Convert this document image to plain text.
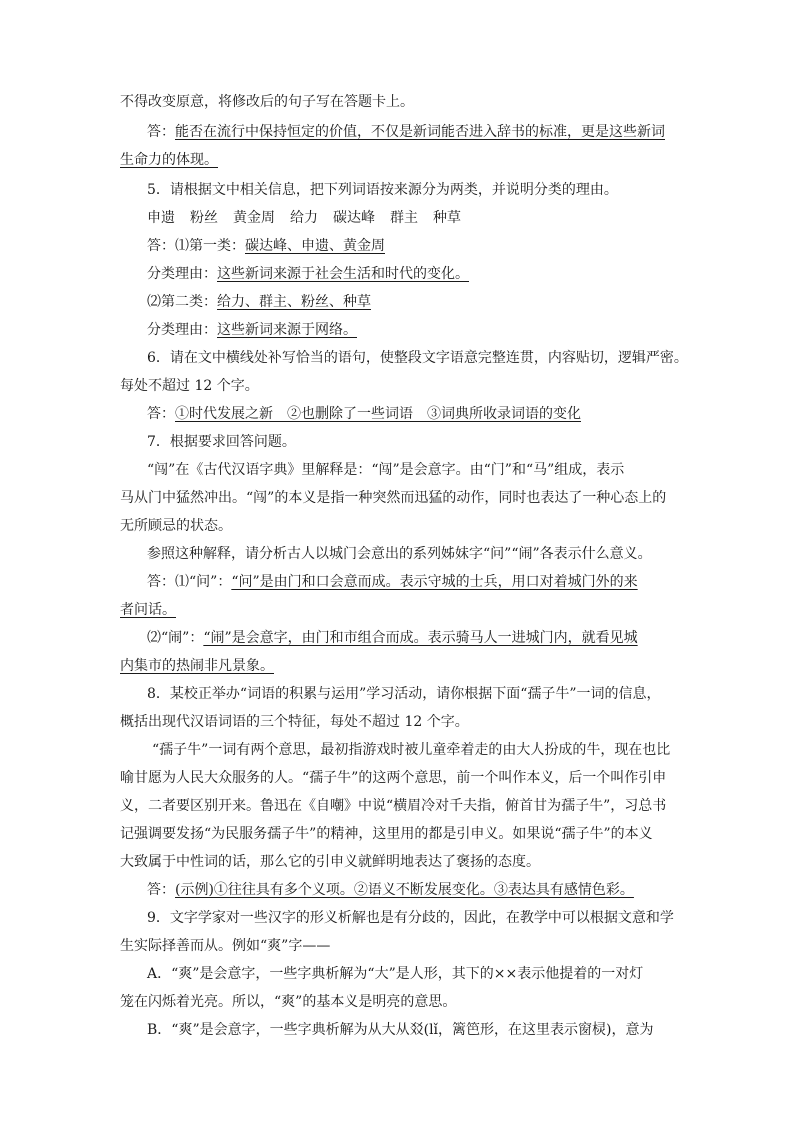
不得改变原意，将修改后的句子写在答题卡上。
答：能否在流行中保持恒定的价值，不仅是新词能否进入辞书的标准，更是这些新词
生命力的体现。
5．请根据文中相关信息，把下列词语按来源分为两类，并说明分类的理由。
申遗 粉丝 黄金周 给力 碳达峰 群主 种草
答：⑴第一类：碳达峰、申遗、黄金周
分类理由：这些新词来源于社会生活和时代的变化。
⑵第二类：给力、群主、粉丝、种草
分类理由：这些新词来源于网络。
6．请在文中横线处补写恰当的语句，使整段文字语意完整连贯，内容贴切，逻辑严密。
每处不超过 12 个字。
答：①时代发展之新　②也删除了一些词语　③词典所收录词语的变化
7．根据要求回答问题。
“闯”在《古代汉语字典》里解释是：“闯”是会意字。由“门”和“马”组成，表示
马从门中猛然冲出。“闯”的本义是指一种突然而迅猛的动作，同时也表达了一种心态上的
无所顾忌的状态。
参照这种解释，请分析古人以城门会意出的系列姊妹字“问”“闹”各表示什么意义。
答：⑴“问”：“问”是由门和口会意而成。表示守城的士兵，用口对着城门外的来
者问话。
⑵“闹”：“闹”是会意字，由门和市组合而成。表示骑马人一进城门内，就看见城
内集市的热闹非凡景象。
8．某校正举办“词语的积累与运用”学习活动，请你根据下面“孺子牛”一词的信息，
概括出现代汉语词语的三个特征，每处不超过 12 个字。
“孺子牛”一词有两个意思，最初指游戏时被儿童牵着走的由大人扮成的牛，现在也比
喻甘愿为人民大众服务的人。“孺子牛”的这两个意思，前一个叫作本义，后一个叫作引申
义，二者要区别开来。鲁迅在《自嘲》中说“横眉冷对千夫指，俯首甘为孺子牛”，习总书
记强调要发扬“为民服务孺子牛”的精神，这里用的都是引申义。如果说“孺子牛”的本义
大致属于中性词的话，那么它的引申义就鲜明地表达了褒扬的态度。
答：(示例)①往往具有多个义项。②语义不断发展变化。③表达具有感情色彩。
9．文字学家对一些汉字的形义析解也是有分歧的，因此，在教学中可以根据文意和学
生实际择善而从。例如“爽”字——
A．“爽”是会意字，一些字典析解为“大”是人形，其下的××表示他提着的一对灯
笼在闪烁着光亮。所以，“爽”的基本义是明亮的意思。
B．“爽”是会意字，一些字典析解为从大从㸚(lǐ，篱笆形，在这里表示窗棂)，意为
